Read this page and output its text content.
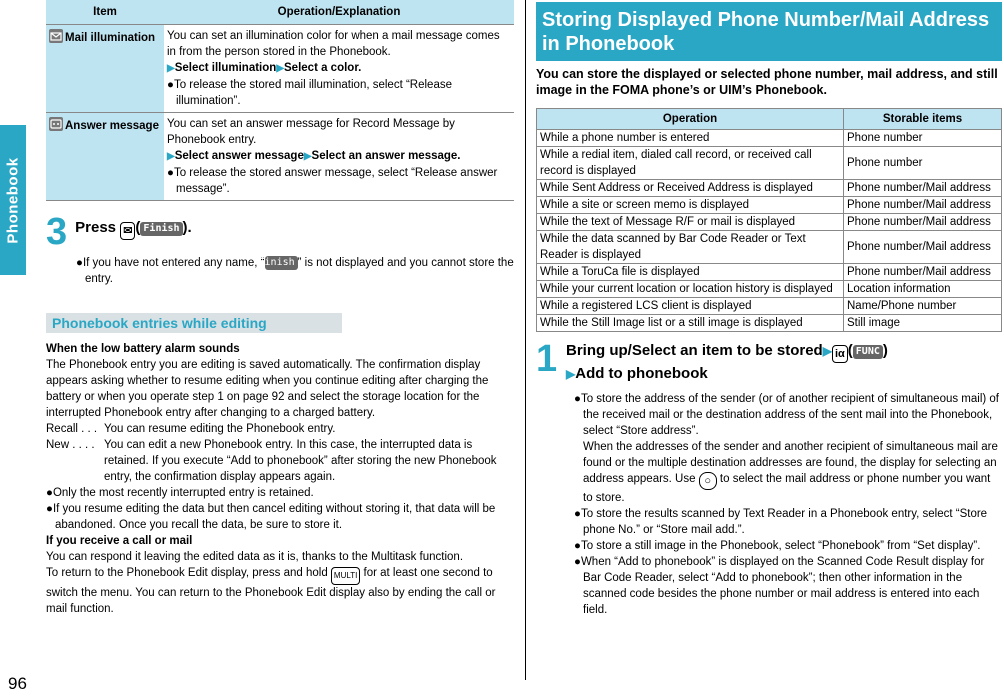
Phonebook
96
Item	Operation/Explanation

Mail illumination	You can set an illumination color for when a mail message comes in from the person stored in the Phonebook.
▶Select illumination▶Select a color.
●To release the stored mail illumination, select “Release illumination”.

Answer message	You can set an answer message for Record Message by Phonebook entry.
▶Select answer message▶Select an answer message.
●To release the stored answer message, select “Release answer message”.
3 Press ✉ ( Finish ).
●If you have not entered any name, “Finish ” is not displayed and you cannot store the entry.
Phonebook entries while editing

When the low battery alarm sounds

The Phonebook entry you are editing is saved automatically. The confirmation display appears asking whether to resume editing when you continue editing after charging the battery or when you operate step 1 on page 92 and select the storage location for the interrupted Phonebook entry after changing to a charged battery.

Recall . . . You can resume editing the Phonebook entry.
New . . . . You can edit a new Phonebook entry. In this case, the interrupted data is retained. If you execute “Add to phonebook” after storing the new Phonebook entry, the confirmation display appears again.

●Only the most recently interrupted entry is retained.

●If you resume editing the data but then cancel editing without storing it, that data will be abandoned. Once you recall the data, be sure to store it.

If you receive a call or mail

You can respond it leaving the edited data as it is, thanks to the Multitask function.

To return to the Phonebook Edit display, press and hold MULTI for at least one second to switch the menu. You can return to the Phonebook Edit display also by ending the call or mail function.

Storing Displayed Phone Number/Mail Address in Phonebook
You can store the displayed or selected phone number, mail address, and still image in the FOMA phone’s or UIM’s Phonebook.
Operation	Storable items
While a phone number is entered	Phone number
While a redial item, dialed call record, or received call record is displayed	Phone number
While Sent Address or Received Address is displayed	Phone number/Mail address
While a site or screen memo is displayed	Phone number/Mail address
While the text of Message R/F or mail is displayed	Phone number/Mail address
While the data scanned by Bar Code Reader or Text Reader is displayed	Phone number/Mail address
While a ToruCa file is displayed	Phone number/Mail address
While your current location or location history is displayed	Location information
While a registered LCS client is displayed	Name/Phone number
While the Still Image list or a still image is displayed	Still image
1 Bring up/Select an item to be stored▶ iα ( FUNC )
▶Add to phonebook

●To store the address of the sender (or of another recipient of simultaneous mail) of the received mail or the destination address of the sent mail into the Phonebook, select “Store address”.

When the addresses of the sender and another recipient of simultaneous mail are found or the multiple destination addresses are found, the display for selecting an address appears. Use ○ to select the mail address or phone number you want to store.

●To store the results scanned by Text Reader in a Phonebook entry, select “Store phone No.” or “Store mail add.”.

●To store a still image in the Phonebook, select “Phonebook” from “Set display”.

●When “Add to phonebook” is displayed on the Scanned Code Result display for Bar Code Reader, select “Add to phonebook”; then other information in the scanned code besides the phone number or mail address is entered into each field.
